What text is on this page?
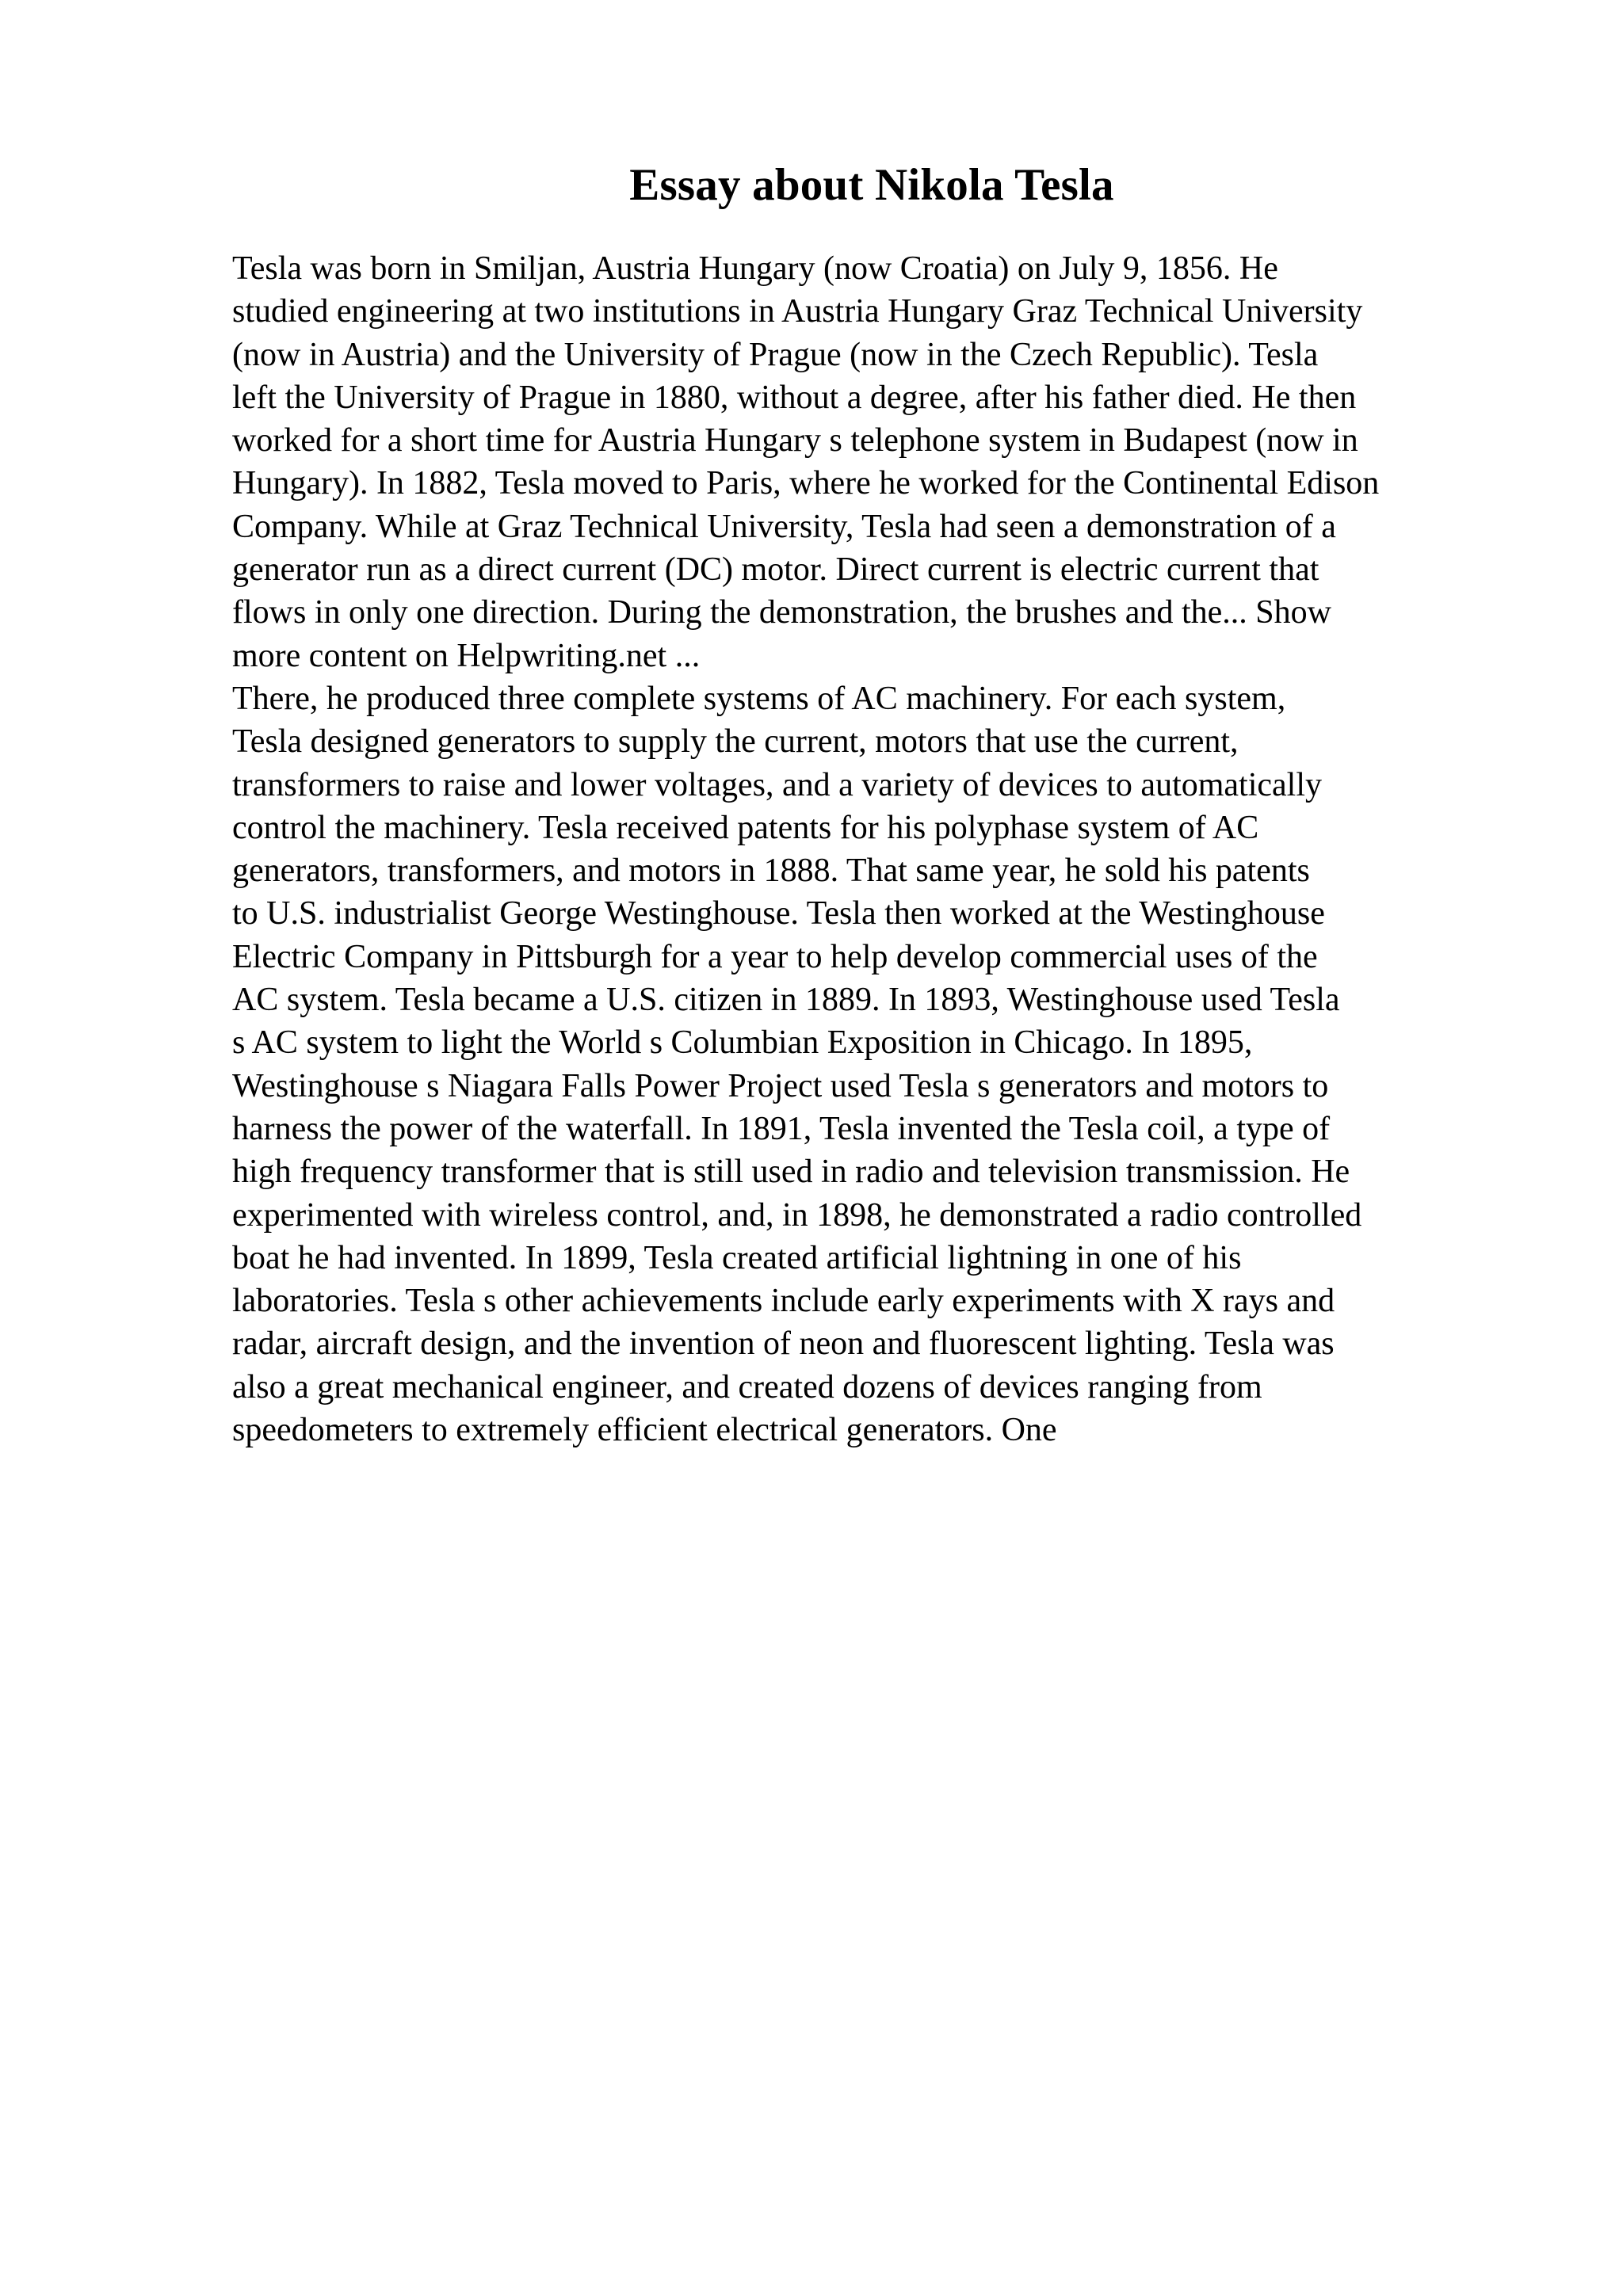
Essay about Nikola Tesla
Tesla was born in Smiljan, Austria Hungary (now Croatia) on July 9, 1856. He
studied engineering at two institutions in Austria Hungary Graz Technical University
(now in Austria) and the University of Prague (now in the Czech Republic). Tesla
left the University of Prague in 1880, without a degree, after his father died. He then
worked for a short time for Austria Hungary s telephone system in Budapest (now in
Hungary). In 1882, Tesla moved to Paris, where he worked for the Continental Edison
Company. While at Graz Technical University, Tesla had seen a demonstration of a
generator run as a direct current (DC) motor. Direct current is electric current that
flows in only one direction. During the demonstration, the brushes and the... Show
more content on Helpwriting.net ...
There, he produced three complete systems of AC machinery. For each system,
Tesla designed generators to supply the current, motors that use the current,
transformers to raise and lower voltages, and a variety of devices to automatically
control the machinery. Tesla received patents for his polyphase system of AC
generators, transformers, and motors in 1888. That same year, he sold his patents
to U.S. industrialist George Westinghouse. Tesla then worked at the Westinghouse
Electric Company in Pittsburgh for a year to help develop commercial uses of the
AC system. Tesla became a U.S. citizen in 1889. In 1893, Westinghouse used Tesla
s AC system to light the World s Columbian Exposition in Chicago. In 1895,
Westinghouse s Niagara Falls Power Project used Tesla s generators and motors to
harness the power of the waterfall. In 1891, Tesla invented the Tesla coil, a type of
high frequency transformer that is still used in radio and television transmission. He
experimented with wireless control, and, in 1898, he demonstrated a radio controlled
boat he had invented. In 1899, Tesla created artificial lightning in one of his
laboratories. Tesla s other achievements include early experiments with X rays and
radar, aircraft design, and the invention of neon and fluorescent lighting. Tesla was
also a great mechanical engineer, and created dozens of devices ranging from
speedometers to extremely efficient electrical generators. One
